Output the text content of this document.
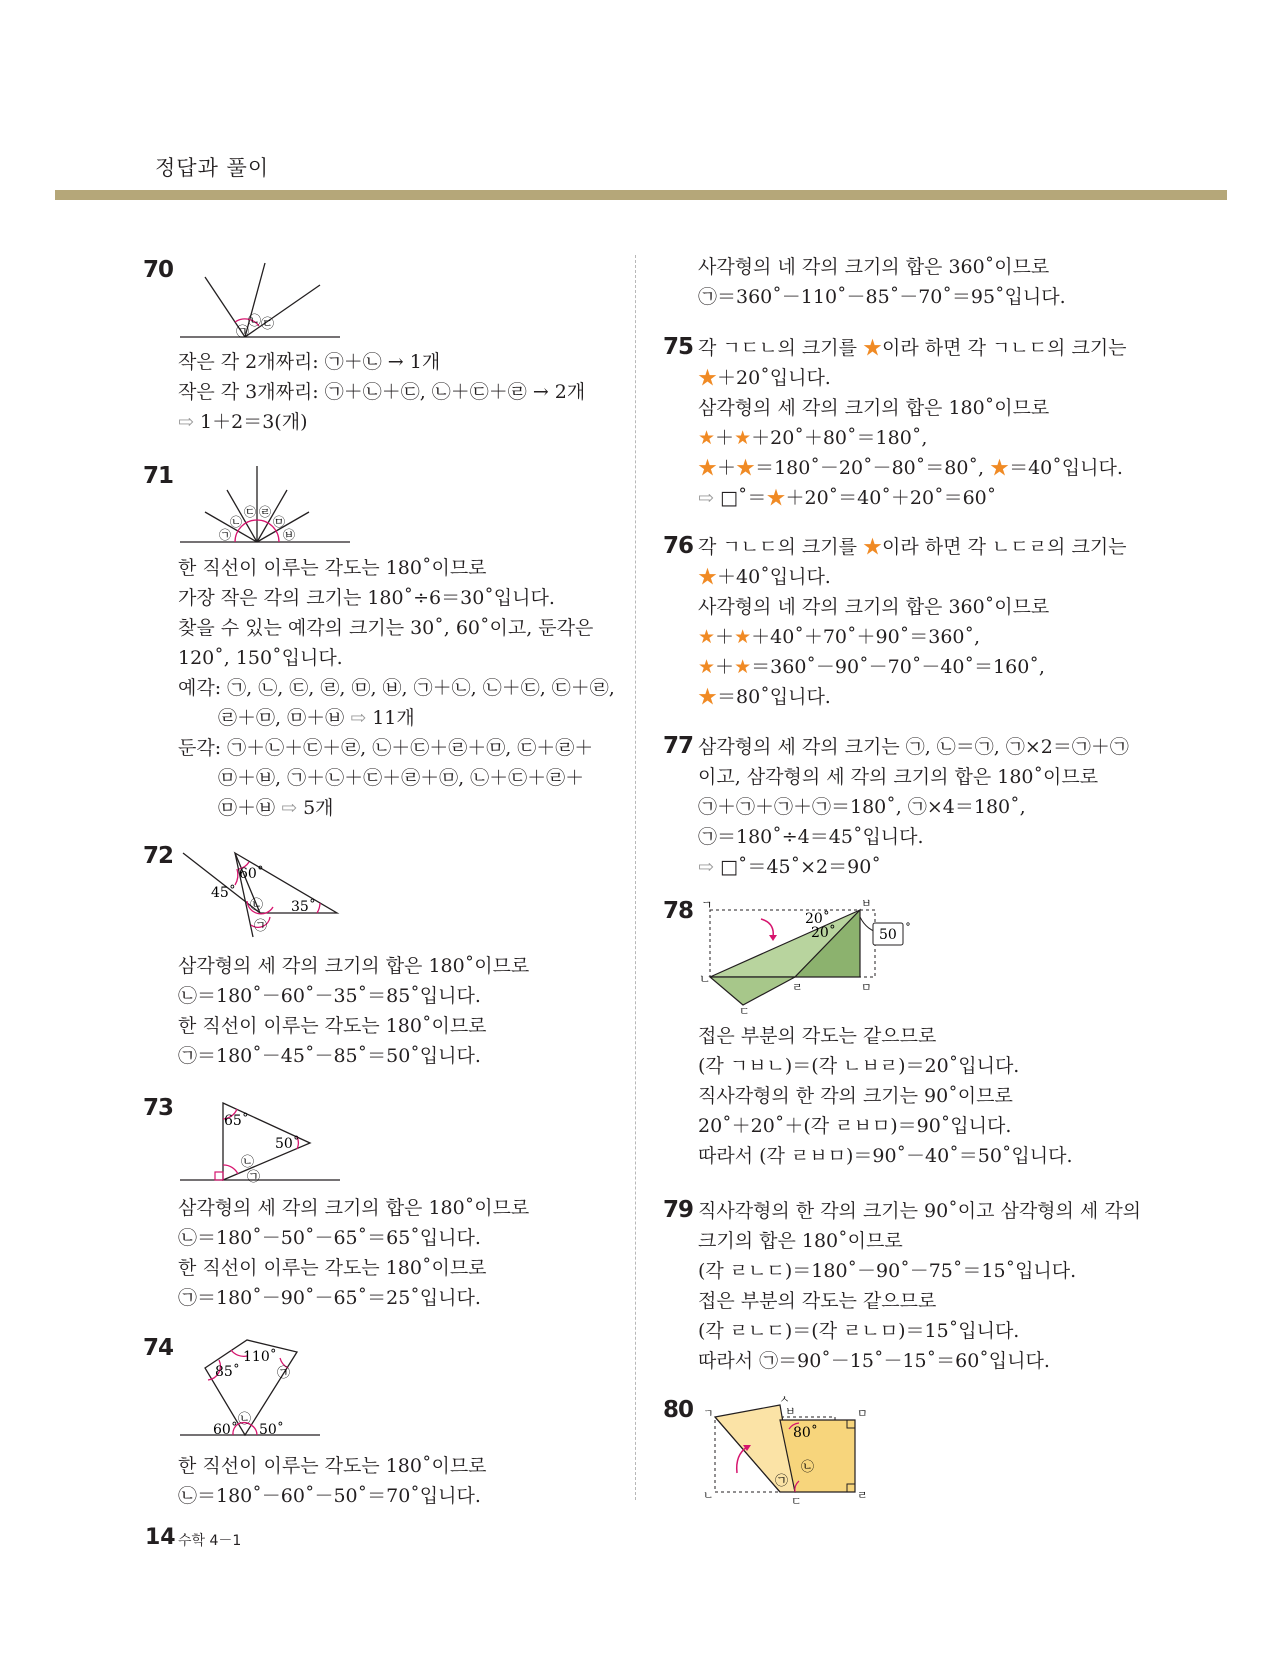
정답과 풀이
70
㉠
㉡ ㉢
작은 각 2개짜리: ㉠＋㉡ → 1개
작은 각 3개짜리: ㉠＋㉡＋㉢, ㉡＋㉢＋㉣ → 2개
⇨ 1＋2＝3(개)
71
㉠
㉡
㉢ ㉣
㉤
㉥
한 직선이 이루는 각도는 180˚이므로
가장 작은 각의 크기는 180˚÷6＝30˚입니다.
찾을 수 있는 예각의 크기는 30˚, 60˚이고, 둔각은
120˚, 150˚입니다.
예각: ㉠, ㉡, ㉢, ㉣, ㉤, ㉥, ㉠＋㉡, ㉡＋㉢, ㉢＋㉣,
㉣＋㉤, ㉤＋㉥ ⇨ 11개
둔각: ㉠＋㉡＋㉢＋㉣, ㉡＋㉢＋㉣＋㉤, ㉢＋㉣＋
㉤＋㉥, ㉠＋㉡＋㉢＋㉣＋㉤, ㉡＋㉢＋㉣＋
㉤＋㉥ ⇨ 5개
72
60˚
45˚
35˚
㉡
㉠
삼각형의 세 각의 크기의 합은 180˚이므로
㉡＝180˚－60˚－35˚＝85˚입니다.
한 직선이 이루는 각도는 180˚이므로
㉠＝180˚－45˚－85˚＝50˚입니다.
73	65˚
50˚
㉡
㉠
삼각형의 세 각의 크기의 합은 180˚이므로
㉡＝180˚－50˚－65˚＝65˚입니다.
한 직선이 이루는 각도는 180˚이므로
㉠＝180˚－90˚－65˚＝25˚입니다.
74	110˚
85˚	㉠
60˚
㉡
50˚
한 직선이 이루는 각도는 180˚이므로
㉡＝180˚－60˚－50˚＝70˚입니다.
사각형의 네 각의 크기의 합은 360˚이므로
㉠＝360˚－110˚－85˚－70˚＝95˚입니다.
75 각 ㄱㄷㄴ의 크기를 ★이라 하면 각 ㄱㄴㄷ의 크기는
★＋20˚입니다.
삼각형의 세 각의 크기의 합은 180˚이므로
★＋★＋20˚＋80˚＝180˚,
★＋★＝180˚－20˚－80˚＝80˚, ★＝40˚입니다.
⇨ □˚＝★＋20˚＝40˚＋20˚＝60˚
76 각 ㄱㄴㄷ의 크기를 ★이라 하면 각 ㄴㄷㄹ의 크기는
★＋40˚입니다.
사각형의 네 각의 크기의 합은 360˚이므로
★＋★＋40˚＋70˚＋90˚＝360˚,
★＋★＝360˚－90˚－70˚－40˚＝160˚,
★＝80˚입니다.
77 삼각형의 세 각의 크기는 ㉠, ㉡＝㉠, ㉠×2＝㉠＋㉠
이고, 삼각형의 세 각의 크기의 합은 180˚이므로
㉠＋㉠＋㉠＋㉠＝180˚, ㉠×4＝180˚,
㉠＝180˚÷4＝45˚입니다.
⇨ □˚＝45˚×2＝90˚
78 ㄱ	ㅂ
ㄴ
ㄹ	ㅁ
ㄷ
20˚
20˚	50 ˚
접은 부분의 각도는 같으므로
(각 ㄱㅂㄴ)＝(각 ㄴㅂㄹ)＝20˚입니다.
직사각형의 한 각의 크기는 90˚이므로
20˚＋20˚＋(각 ㄹㅂㅁ)＝90˚입니다.
따라서 (각 ㄹㅂㅁ)＝90˚－40˚＝50˚입니다.
79 직사각형의 한 각의 크기는 90˚이고 삼각형의 세 각의
크기의 합은 180˚이므로
(각 ㄹㄴㄷ)＝180˚－90˚－75˚＝15˚입니다.
접은 부분의 각도는 같으므로
(각 ㄹㄴㄷ)＝(각 ㄹㄴㅁ)＝15˚입니다.
따라서 ㉠＝90˚－15˚－15˚＝60˚입니다.
80 ㄱ
ㅅ
ㅂ	ㅁ
80˚
㉡
㉠
ㄴ	ㄷ	ㄹ
14 수학 4－1
